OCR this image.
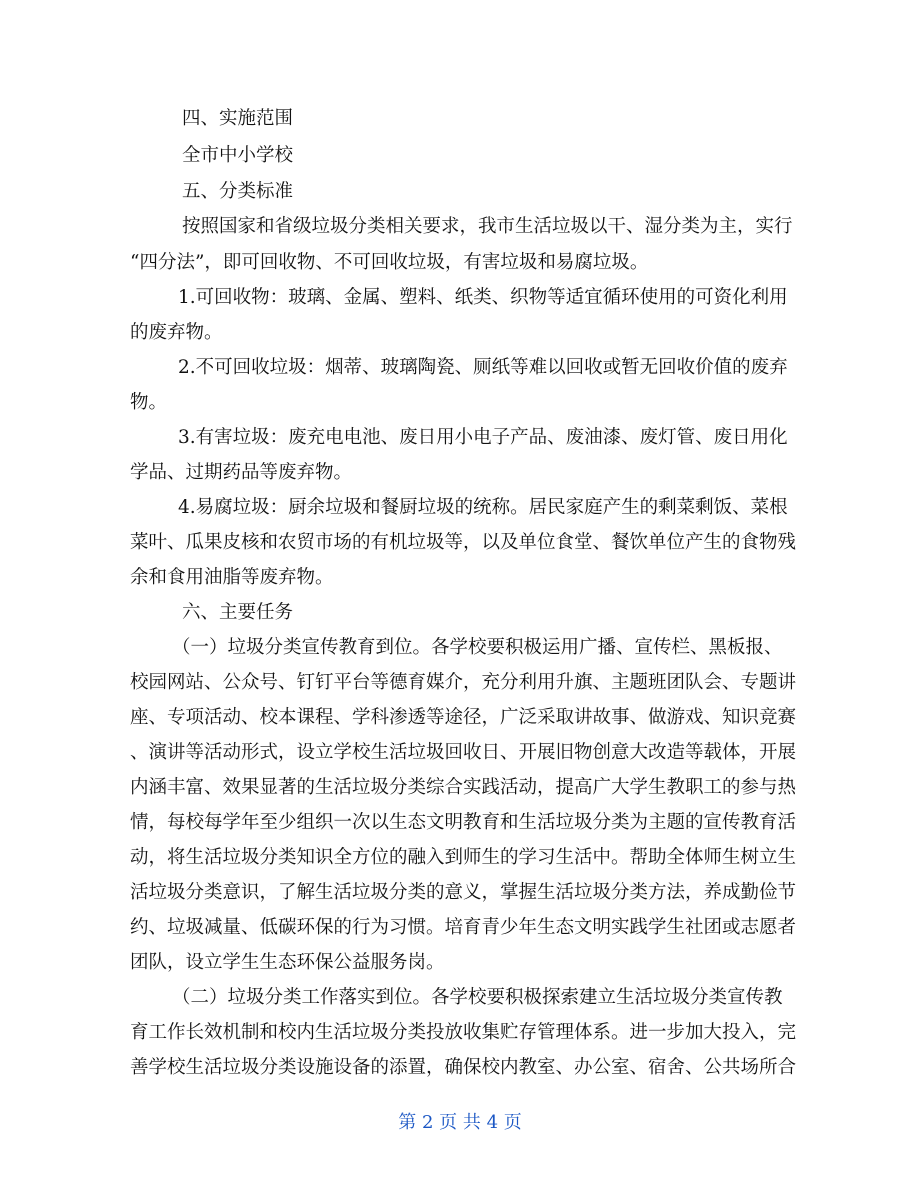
四、实施范围
全市中小学校
五、分类标准
按照国家和省级垃圾分类相关要求，我市生活垃圾以干、湿分类为主，实行
“四分法”，即可回收物、不可回收垃圾，有害垃圾和易腐垃圾。
1.可回收物：玻璃、金属、塑料、纸类、织物等适宜循环使用的可资化利用
的废弃物。
2.不可回收垃圾：烟蒂、玻璃陶瓷、厕纸等难以回收或暂无回收价值的废弃
物。
3.有害垃圾：废充电电池、废日用小电子产品、废油漆、废灯管、废日用化
学品、过期药品等废弃物。
4.易腐垃圾：厨余垃圾和餐厨垃圾的统称。居民家庭产生的剩菜剩饭、菜根
菜叶、瓜果皮核和农贸市场的有机垃圾等，以及单位食堂、餐饮单位产生的食物残
余和食用油脂等废弃物。
六、主要任务
（一）垃圾分类宣传教育到位。各学校要积极运用广播、宣传栏、黑板报、
校园网站、公众号、钉钉平台等德育媒介，充分利用升旗、主题班团队会、专题讲
座、专项活动、校本课程、学科渗透等途径，广泛采取讲故事、做游戏、知识竞赛
、演讲等活动形式，设立学校生活垃圾回收日、开展旧物创意大改造等载体，开展
内涵丰富、效果显著的生活垃圾分类综合实践活动，提高广大学生教职工的参与热
情，每校每学年至少组织一次以生态文明教育和生活垃圾分类为主题的宣传教育活
动，将生活垃圾分类知识全方位的融入到师生的学习生活中。帮助全体师生树立生
活垃圾分类意识，了解生活垃圾分类的意义，掌握生活垃圾分类方法，养成勤俭节
约、垃圾减量、低碳环保的行为习惯。培育青少年生态文明实践学生社团或志愿者
团队，设立学生生态环保公益服务岗。
（二）垃圾分类工作落实到位。各学校要积极探索建立生活垃圾分类宣传教
育工作长效机制和校内生活垃圾分类投放收集贮存管理体系。进一步加大投入，完
善学校生活垃圾分类设施设备的添置，确保校内教室、办公室、宿舍、公共场所合
第 2 页 共 4 页
